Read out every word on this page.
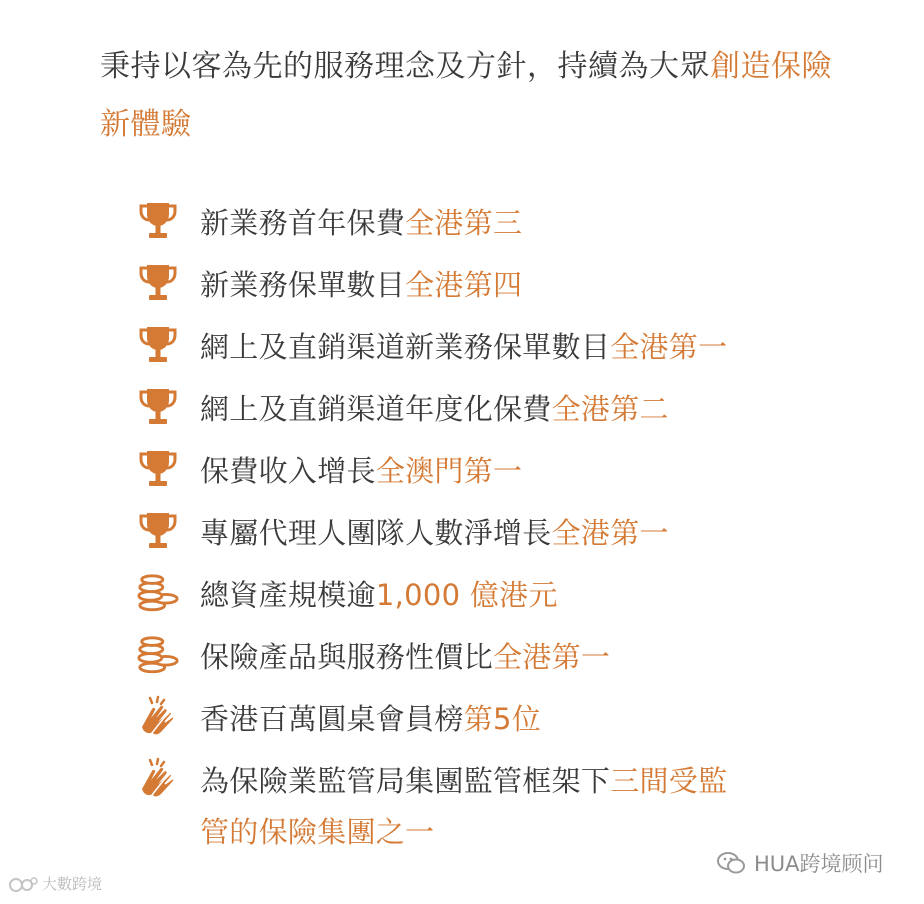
秉持以客為先的服務理念及方針，持續為大眾創造保險
新體驗
新業務首年保費全港第三
新業務保單數目全港第四
網上及直銷渠道新業務保單數目全港第一
網上及直銷渠道年度化保費全港第二
保費收入增長全澳門第一
專屬代理人團隊人數淨增長全港第一
總資產規模逾1,000 億港元
保險產品與服務性價比全港第一
香港百萬圓桌會員榜第5位
為保險業監管局集團監管框架下三間受監
管的保險集團之一
大數跨境
HUA跨境顾问
